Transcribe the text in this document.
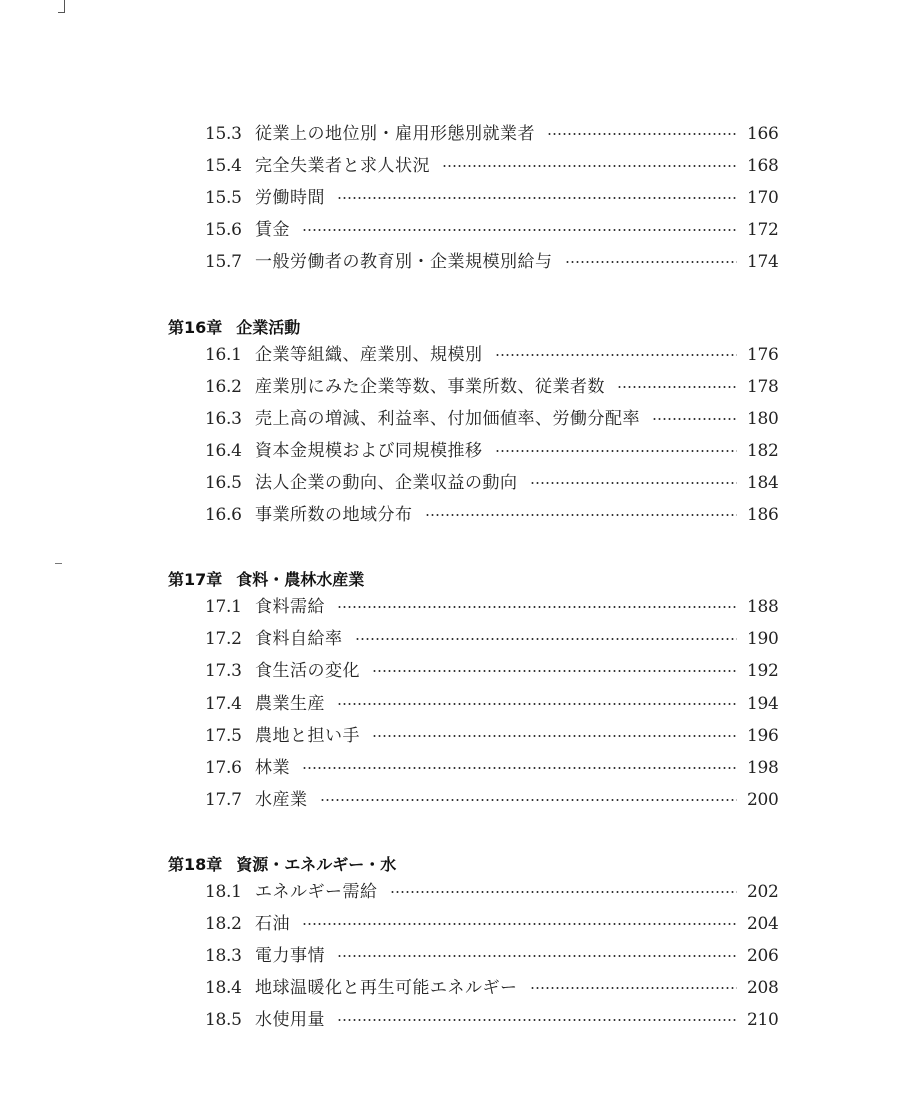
15.3 従業上の地位別・雇用形態別就業者	166
15.4 完全失業者と求人状況	168
15.5 労働時間	170
15.6 賃金	172
15.7 一般労働者の教育別・企業規模別給与	174
第16章 企業活動
16.1 企業等組織、産業別、規模別	176
16.2 産業別にみた企業等数、事業所数、従業者数	178
16.3 売上高の増減、利益率、付加価値率、労働分配率	180
16.4 資本金規模および同規模推移	182
16.5 法人企業の動向、企業収益の動向	184
16.6 事業所数の地域分布	186
第17章 食料・農林水産業
17.1 食料需給	188
17.2 食料自給率	190
17.3 食生活の変化	192
17.4 農業生産	194
17.5 農地と担い手	196
17.6 林業	198
17.7 水産業	200
第18章 資源・エネルギー・水
18.1 エネルギー需給	202
18.2 石油	204
18.3 電力事情	206
18.4 地球温暖化と再生可能エネルギー	208
18.5 水使用量	210
